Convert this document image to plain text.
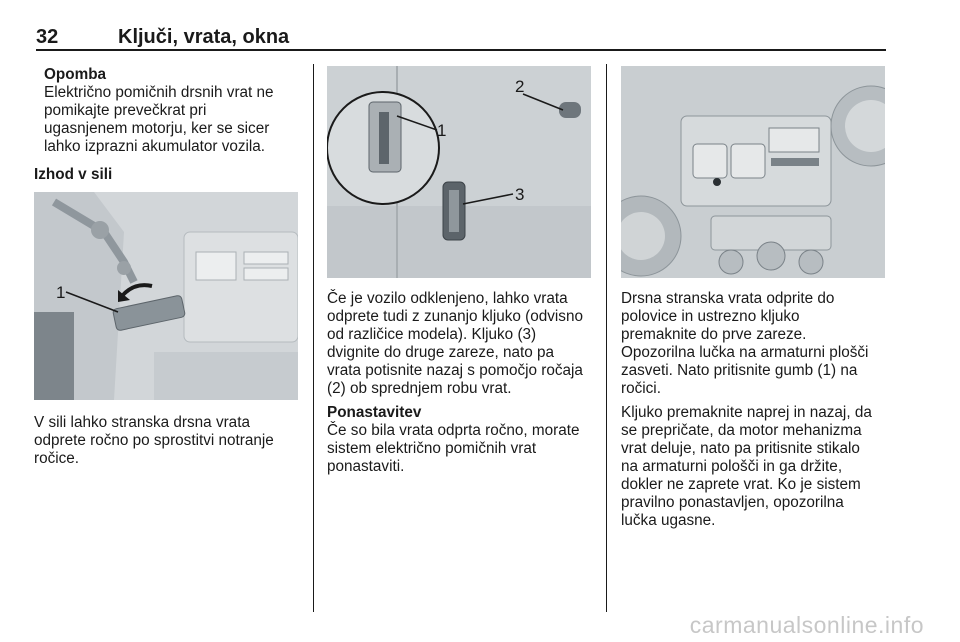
32	Ključi, vrata, okna

Opomba

Električno pomičnih drsnih vrat ne

pomikajte prevečkrat pri

ugasnjenem motorju, ker se sicer

lahko izprazni akumulator vozila.

Izhod v sili
1

V sili lahko stranska drsna vrata

odprete ročno po sprostitvi notranje

ročice.

1
2
3

Če je vozilo odklenjeno, lahko vrata

odprete tudi z zunanjo kljuko (odvisno

od različice modela). Kljuko (3)

dvignite do druge zareze, nato pa

vrata potisnite nazaj s pomočjo ročaja

(2) ob sprednjem robu vrat.

Ponastavitev

Če so bila vrata odprta ročno, morate

sistem električno pomičnih vrat

ponastaviti.

Drsna stranska vrata odprite do

polovice in ustrezno kljuko

premaknite do prve zareze.

Opozorilna lučka na armaturni plošči

zasveti. Nato pritisnite gumb (1) na

ročici.

Kljuko premaknite naprej in nazaj, da

se prepričate, da motor mehanizma

vrat deluje, nato pa pritisnite stikalo

na armaturni pološči in ga držite,

dokler ne zaprete vrat. Ko je sistem

pravilno ponastavljen, opozorilna

lučka ugasne.

carmanualsonline.info
